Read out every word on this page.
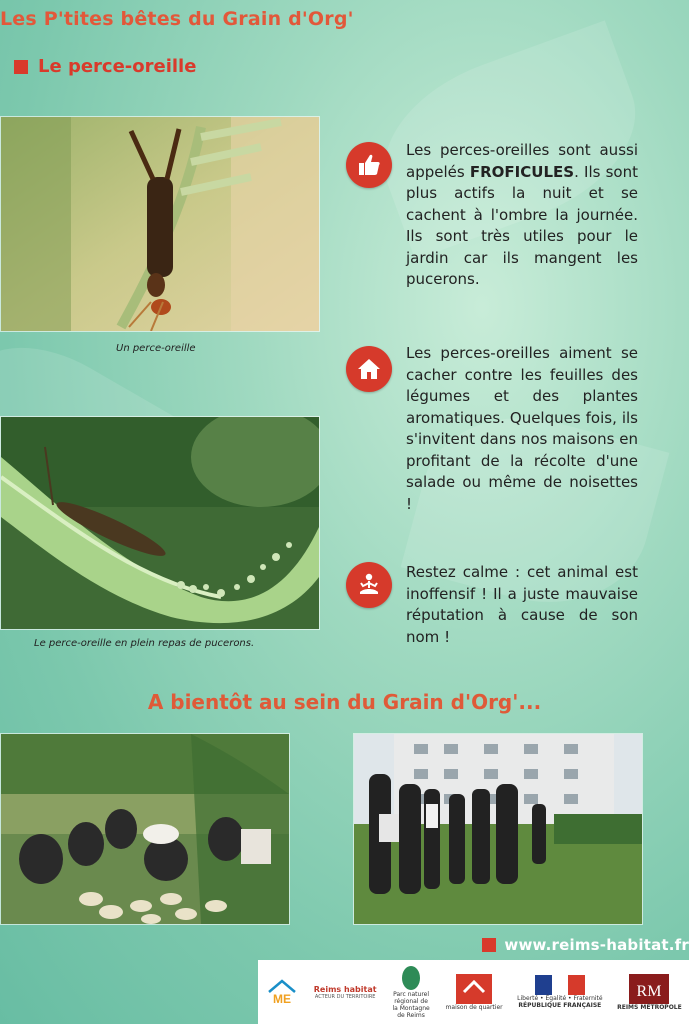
Les P'tites bêtes du Grain d'Org'
Le perce-oreille
Un perce-oreille
Le perce-oreille en plein repas de pucerons.
Les perces-oreilles sont aussi appelés FROFICULES. Ils sont plus actifs la nuit et se cachent à l'ombre la journée. Ils sont très utiles pour le jardin car ils mangent les pucerons.
Les perces-oreilles aiment se cacher contre les feuilles des légumes et des plantes aromatiques. Quelques fois, ils s'invitent dans nos maisons en profitant de la récolte d'une salade ou même de noisettes !
Restez calme : cet animal est inoffensif ! Il a juste mauvaise réputation à cause de son nom !
A bientôt au sein du Grain d'Org'...
www.reims-habitat.fr
ME
Reims habitat
ACTEUR DU TERRITOIRE	Parc naturel régional de la Montagne de Reims
maison de quartier
Liberté • Égalité • Fraternité
RÉPUBLIQUE FRANÇAISE
RM
REIMS MÉTROPOLE
